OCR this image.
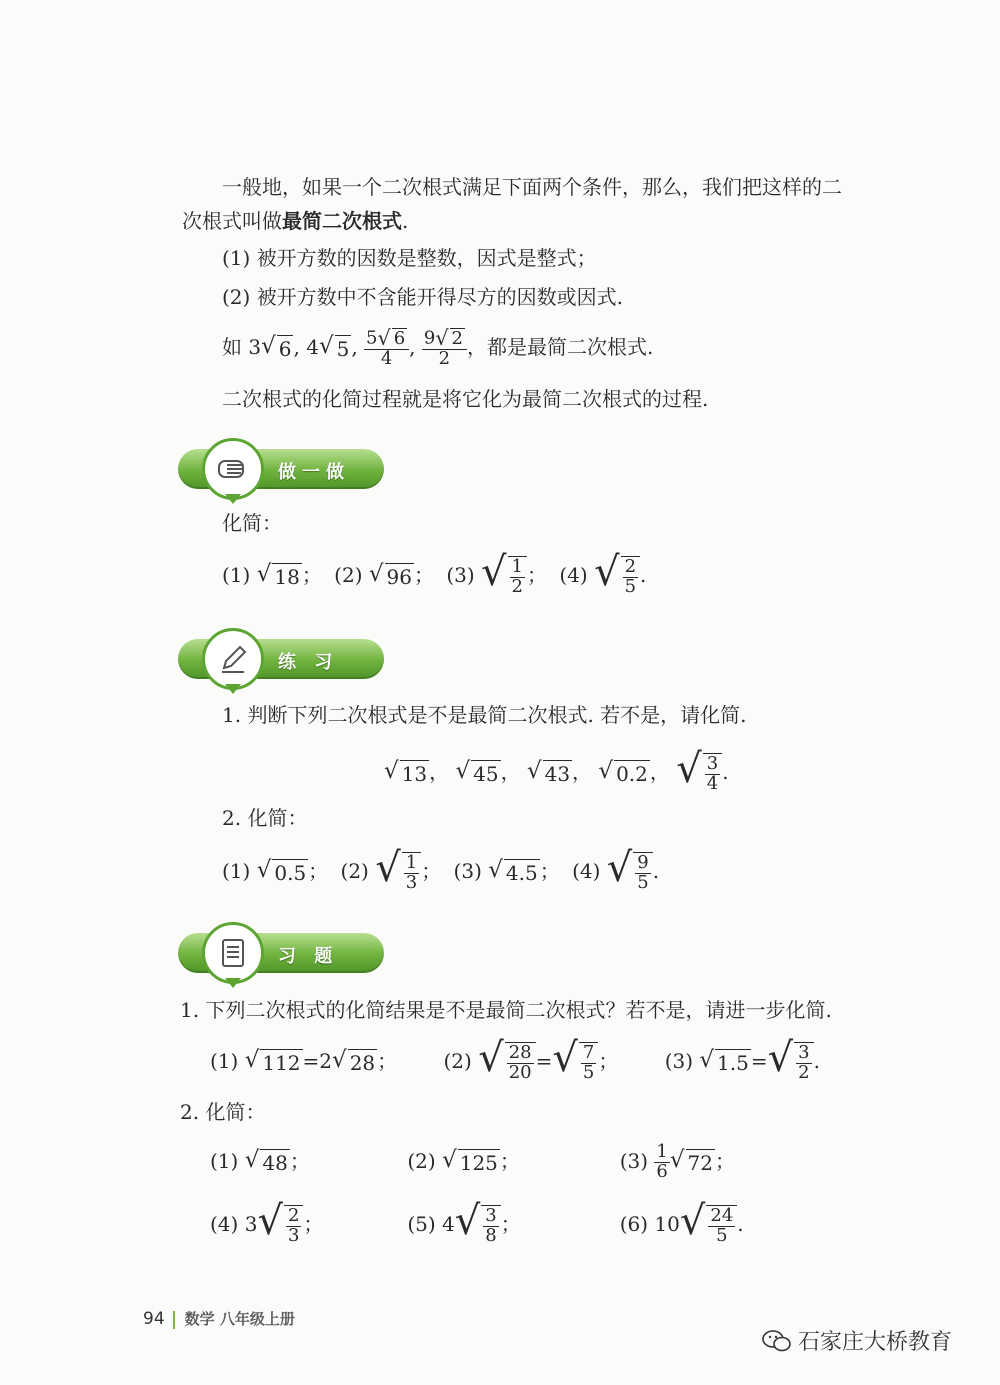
一般地，如果一个二次根式满足下面两个条件，那么，我们把这样的二
次根式叫做最简二次根式.
(1) 被开方数的因数是整数，因式是整式；
(2) 被开方数中不含能开得尽方的因数或因式.
如 3 √ 6 , 4 √ 5 , $\frac{5 √ 6}{4}$ , $\frac{9 √ 2}{2}$ ，都是最简二次根式.
二次根式的化简过程就是将它化为最简二次根式的过程.
做一做
化简：
(1) √ 18 ； (2) √ 96 ； (3) √ $\frac{1}{2}$ ； (4) √ $\frac{2}{5}$ .
练 习
1. 判断下列二次根式是不是最简二次根式. 若不是，请化简.
√ 13 ， √ 45 ， √ 43 ， √ 0.2 ， √ $\frac{3}{4}$ .
2. 化简：
(1) √ 0.5 ； (2) √ $\frac{1}{3}$ ； (3) √ 4.5 ； (4) √ $\frac{9}{5}$ .
习 题
1. 下列二次根式的化简结果是不是最简二次根式？若不是，请进一步化简.
(1) √ 112 =2 √ 28 ； (2) √ $\frac{28}{20}$ = √ $\frac{7}{5}$ ； (3) √ 1.5 = √ $\frac{3}{2}$ .
2. 化简：
(1) √ 48 ；	(2) √ 125 ；	$(3) \frac{1}{6}$ √ 72 ；
(4) 3 √ $\frac{2}{3}$ ；	(5) 4 √ $\frac{3}{8}$ ；	(6) 10 √ $\frac{24}{5}$ .
94 数学 八年级上册
石家庄大桥教育
